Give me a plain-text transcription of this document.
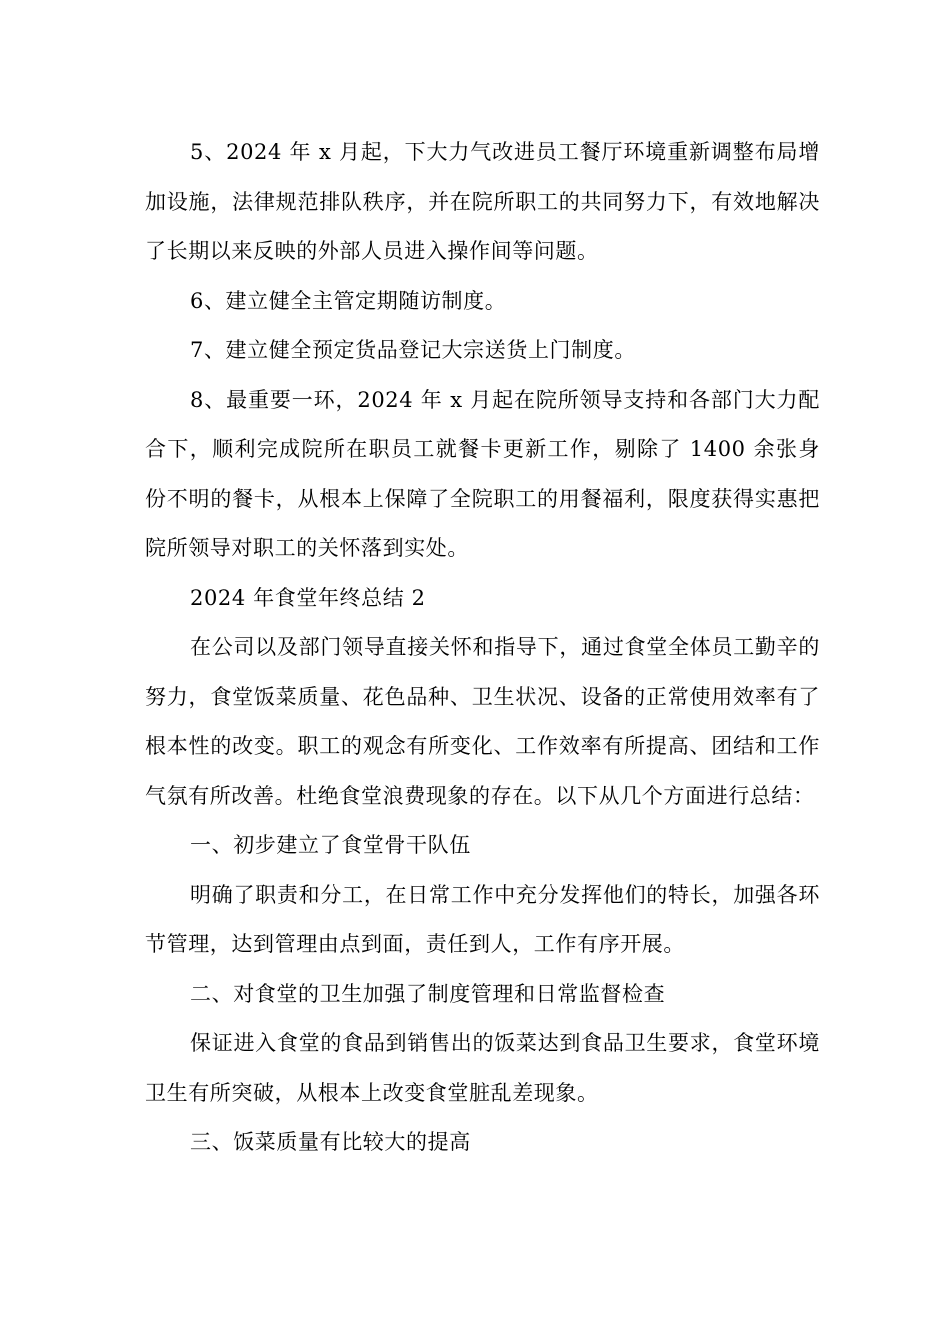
5、2024 年 x 月起，下大力气改进员工餐厅环境重新调整布局增加设施，法律规范排队秩序，并在院所职工的共同努力下，有效地解决了长期以来反映的外部人员进入操作间等问题。

6、建立健全主管定期随访制度。

7、建立健全预定货品登记大宗送货上门制度。

8、最重要一环，2024 年 x 月起在院所领导支持和各部门大力配合下，顺利完成院所在职员工就餐卡更新工作，剔除了 1400 余张身份不明的餐卡，从根本上保障了全院职工的用餐福利，限度获得实惠把院所领导对职工的关怀落到实处。

2024 年食堂年终总结 2

在公司以及部门领导直接关怀和指导下，通过食堂全体员工勤辛的努力，食堂饭菜质量、花色品种、卫生状况、设备的正常使用效率有了根本性的改变。职工的观念有所变化、工作效率有所提高、团结和工作气氛有所改善。杜绝食堂浪费现象的存在。以下从几个方面进行总结：

一、初步建立了食堂骨干队伍

明确了职责和分工，在日常工作中充分发挥他们的特长，加强各环节管理，达到管理由点到面，责任到人，工作有序开展。

二、对食堂的卫生加强了制度管理和日常监督检查

保证进入食堂的食品到销售出的饭菜达到食品卫生要求，食堂环境卫生有所突破，从根本上改变食堂脏乱差现象。

三、饭菜质量有比较大的提高
